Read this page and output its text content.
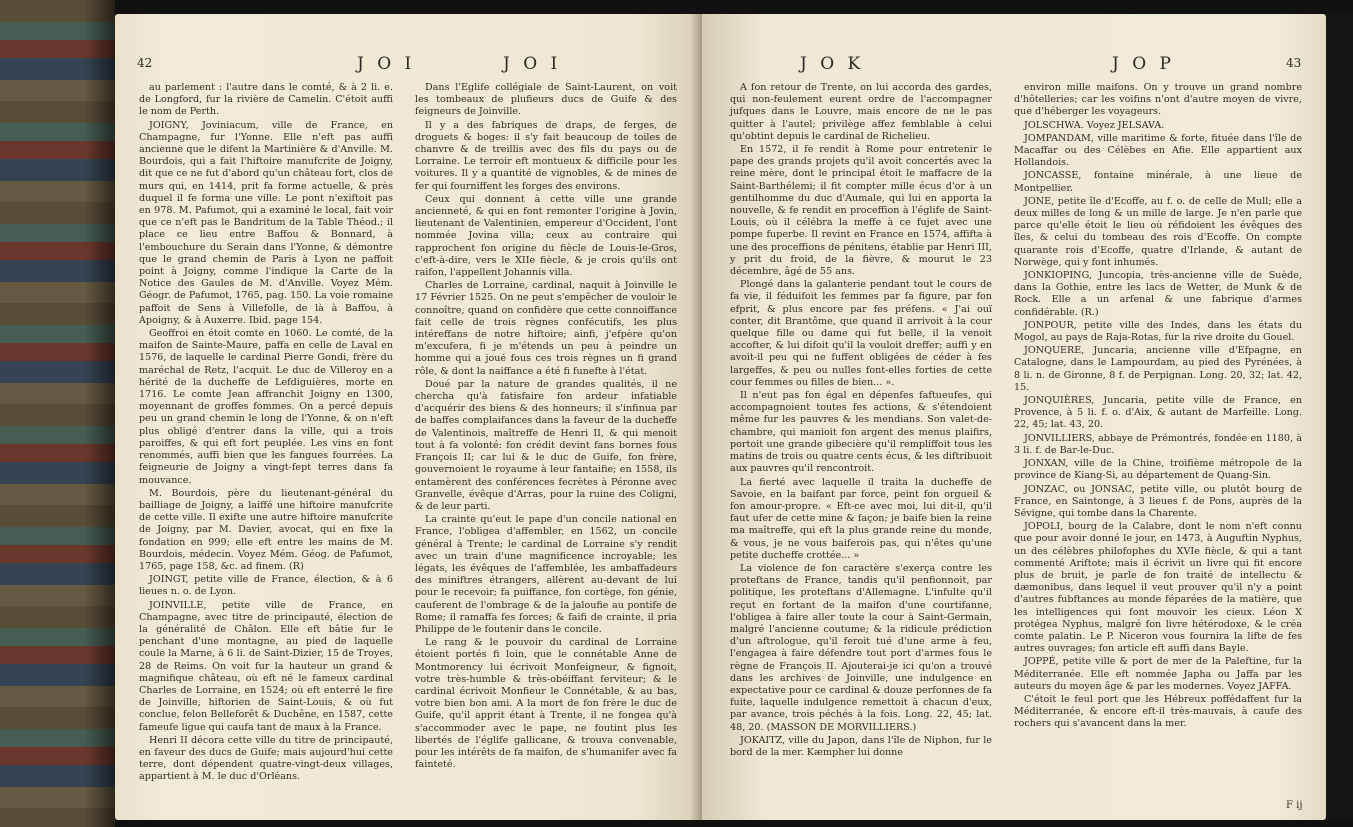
42	J O I	J O I

au parlement : l'autre dans le comté, & à 2 li. e. de Longford, fur la rivière de Camelin. C'étoit auffi le nom de Perth.

JOIGNY, Joviniacum, ville de France, en Champagne, fur l'Yonne. Elle n'eft pas auffi ancienne que le difent la Martinière & d'Anville. M. Bourdois, qui a fait l'hiftoire manufcrite de Joigny, dit que ce ne fut d'abord qu'un château fort, clos de murs qui, en 1414, prit fa forme actuelle, & près duquel il fe forma une ville. Le pont n'exiftoit pas en 978. M. Pafumot, qui a examiné le local, fait voir que ce n'eft pas le Bandritum de la Table Théod.; il place ce lieu entre Baffou & Bonnard, à l'embouchure du Serain dans l'Yonne, & démontre que le grand chemin de Paris à Lyon ne paffoit point à Joigny, comme l'indique la Carte de la Notice des Gaules de M. d'Anville. Voyez Mém. Géogr. de Pafumot, 1765, pag. 150. La voie romaine paffoit de Sens à Villefolle, de là à Baffou, à Apoigny, & à Auxerre. Ibid. page 154.

Geoffroi en étoit comte en 1060. Le comté, de la maifon de Sainte-Maure, paffa en celle de Laval en 1576, de laquelle le cardinal Pierre Gondi, frère du maréchal de Retz, l'acquit. Le duc de Villeroy en a hérité de la ducheffe de Lefdiguières, morte en 1716. Le comte Jean affranchit Joigny en 1300, moyennant de groffes fommes. On a percé depuis peu un grand chemin le long de l'Yonne, & on n'eft plus obligé d'entrer dans la ville, qui a trois paroiffes, & qui eft fort peuplée. Les vins en font renommés, auffi bien que les fangues fourrées. La feigneurie de Joigny a vingt-fept terres dans fa mouvance.

M. Bourdois, père du lieutenant-général du bailliage de Joigny, a laiffé une hiftoire manufcrite de cette ville. Il exifte une autre hiftoire manufcrite de Joigny, par M. Davier, avocat, qui en fixe la fondation en 999; elle eft entre les mains de M. Bourdois, médecin. Voyez Mém. Géog. de Pafumot, 1765, page 158, &c. ad finem. (R)

JOINGT, petite ville de France, élection, & à 6 lieues n. o. de Lyon.

JOINVILLE, petite ville de France, en Champagne, avec titre de principauté, élection de la généralité de Châlon. Elle eft bâtie fur le penchant d'une montagne, au pied de laquelle coule la Marne, à 6 li. de Saint-Dizier, 15 de Troyes, 28 de Reims. On voit fur la hauteur un grand & magnifique château, où eft né le fameux cardinal Charles de Lorraine, en 1524; où eft enterré le fire de Joinville, hiftorien de Saint-Louis, & où fut conclue, felon Belleforêt & Duchêne, en 1587, cette fameufe ligue qui caufa tant de maux à la France.

Henri II décora cette ville du titre de principauté, en faveur des ducs de Guife; mais aujourd'hui cette terre, dont dépendent quatre-vingt-deux villages, appartient à M. le duc d'Orléans.

Dans l'Eglife collégiale de Saint-Laurent, on voit les tombeaux de plufieurs ducs de Guife & des feigneurs de Joinville.

Il y a des fabriques de draps, de ferges, de droguets & boges: il s'y fait beaucoup de toiles de chanvre & de treillis avec des fils du pays ou de Lorraine. Le terroir eft montueux & difficile pour les voitures. Il y a quantité de vignobles, & de mines de fer qui fourniffent les forges des environs.

Ceux qui donnent à cette ville une grande ancienneté, & qui en font remonter l'origine à Jovin, lieutenant de Valentinien, empereur d'Occident, l'ont nommée Jovina villa; ceux au contraire qui rapprochent fon origine du fiècle de Louis-le-Gros, c'eft-à-dire, vers le XIIe fiècle, & je crois qu'ils ont raifon, l'appellent Johannis villa.

Charles de Lorraine, cardinal, naquit à Joinville le 17 Février 1525. On ne peut s'empêcher de vouloir le connoître, quand on confidère que cette connoiffance fait celle de trois règnes confécutifs, les plus intéreffans de notre hiftoire; ainfi, j'efpère qu'on m'excufera, fi je m'étends un peu à peindre un homme qui a joué fous ces trois règnes un fi grand rôle, & dont la naiffance a été fi funefte à l'état.

Doué par la nature de grandes qualités, il ne chercha qu'à fatisfaire fon ardeur infatiable d'acquérir des biens & des honneurs; il s'infinua par de baffes complaifances dans la faveur de la ducheffe de Valentinois, maîtreffe de Henri II, & qui menoit tout à fa volonté: fon crédit devint fans bornes fous François II; car lui & le duc de Guife, fon frère, gouvernoient le royaume à leur fantaifie; en 1558, ils entamèrent des conférences fecrètes à Péronne avec Granvelle, évêque d'Arras, pour la ruine des Coligni, & de leur parti.

La crainte qu'eut le pape d'un concile national en France, l'obligea d'affembler, en 1562, un concile général à Trente; le cardinal de Lorraine s'y rendit avec un train d'une magnificence incroyable; les légats, les évêques de l'affemblée, les ambaffadeurs des miniftres étrangers, allèrent au-devant de lui pour le recevoir; fa puiffance, fon cortège, fon génie, cauferent de l'ombrage & de la jaloufie au pontife de Rome; il ramaffa fes forces; & faifi de crainte, il pria Philippe de le foutenir dans le concile.

Le rang & le pouvoir du cardinal de Lorraine étoient portés fi loin, que le connétable Anne de Montmorency lui écrivoit Monfeigneur, & fignoit, votre très-humble & très-obéiffant ferviteur; & le cardinal écrivoit Monfieur le Connétable, & au bas, votre bien bon ami. A la mort de fon frère le duc de Guife, qu'il apprit étant à Trente, il ne fongea qu'à s'accommoder avec le pape, ne foutint plus les libertés de l'églife gallicane, & trouva convenable, pour les intérêts de fa maifon, de s'humanifer avec fa fainteté.

J O K	J O P	43

A fon retour de Trente, on lui accorda des gardes, qui non-feulement eurent ordre de l'accompagner jufques dans le Louvre, mais encore de ne le pas quitter à l'autel; privilège affez femblable à celui qu'obtint depuis le cardinal de Richelieu.

En 1572, il fe rendit à Rome pour entretenir le pape des grands projets qu'il avoit concertés avec la reine mère, dont le principal étoit le maffacre de la Saint-Barthélemi; il fit compter mille écus d'or à un gentilhomme du duc d'Aumale, qui lui en apporta la nouvelle, & fe rendit en proceffion à l'églife de Saint-Louis, où il célébra la meffe à ce fujet avec une pompe fuperbe. Il revint en France en 1574, affifta à une des proceffions de pénitens, établie par Henri III, y prit du froid, de la fièvre, & mourut le 23 décembre, âgé de 55 ans.

Plongé dans la galanterie pendant tout le cours de fa vie, il féduifoit les femmes par fa figure, par fon efprit, & plus encore par fes préfens. « J'ai ouï conter, dit Brantôme, que quand il arrivoit à la cour quelque fille ou dame qui fut belle, il la venoit accofter, & lui difoit qu'il la vouloit dreffer; auffi y en avoit-il peu qui ne fuffent obligées de céder à fes largeffes, & peu ou nulles font-elles forties de cette cour femmes ou filles de bien... ».

Il n'eut pas fon égal en dépenfes faftueufes, qui accompagnoient toutes fes actions, & s'étendoient même fur les pauvres & les mendians. Son valet-de-chambre, qui manioit fon argent des menus plaifirs, portoit une grande gibecière qu'il rempliffoit tous les matins de trois ou quatre cents écus, & les diftribuoit aux pauvres qu'il rencontroit.

La fierté avec laquelle il traita la ducheffe de Savoie, en la baifant par force, peint fon orgueil & fon amour-propre. « Eft-ce avec moi, lui dit-il, qu'il faut ufer de cette mine & façon; je baife bien la reine ma maîtreffe, qui eft la plus grande reine du monde, & vous, je ne vous baiferois pas, qui n'êtes qu'une petite ducheffe crottée... »

La violence de fon caractère s'exerça contre les proteftans de France, tandis qu'il penfionnoit, par politique, les proteftans d'Allemagne. L'infulte qu'il reçut en fortant de la maifon d'une courtifanne, l'obligea à faire aller toute la cour à Saint-Germain, malgré l'ancienne coutume; & la ridicule prédiction d'un aftrologue, qu'il feroit tué d'une arme à feu, l'engagea à faire défendre tout port d'armes fous le règne de François II. Ajouterai-je ici qu'on a trouvé dans les archives de Joinville, une indulgence en expectative pour ce cardinal & douze perfonnes de fa fuite, laquelle indulgence remettoit à chacun d'eux, par avance, trois péchés à la fois. Long. 22, 45; lat. 48, 20. (MASSON DE MORVILLIERS.)

JOKAITZ, ville du Japon, dans l'île de Niphon, fur le bord de la mer. Kæmpher lui donne

environ mille maifons. On y trouve un grand nombre d'hôtelleries; car les voifins n'ont d'autre moyen de vivre, que d'héberger les voyageurs.

JOLSCHWA. Voyez JELSAVA.

JOMPANDAM, ville maritime & forte, fituée dans l'île de Macaffar ou des Célèbes en Afie. Elle appartient aux Hollandois.

JONCASSE, fontaine minérale, à une lieue de Montpellier.

JONE, petite île d'Ecoffe, au f. o. de celle de Mull; elle a deux milles de long & un mille de large. Je n'en parle que parce qu'elle étoit le lieu où réfidoient les évêques des îles, & celui du tombeau des rois d'Ecoffe. On compte quarante rois d'Ecoffe, quatre d'Irlande, & autant de Norwège, qui y font inhumés.

JONKIOPING, Juncopia, très-ancienne ville de Suède, dans la Gothie, entre les lacs de Wetter, de Munk & de Rock. Elle a un arfenal & une fabrique d'armes confidérable. (R.)

JONPOUR, petite ville des Indes, dans les états du Mogol, au pays de Raja-Rotas, fur la rive droite du Gouel.

JONQUERE, Juncaria, ancienne ville d'Efpagne, en Catalogne, dans le Lampourdam, au pied des Pyrénées, à 8 li. n. de Gironne, 8 f. de Perpignan. Long. 20, 32; lat. 42, 15.

JONQUIÈRES, Juncaria, petite ville de France, en Provence, à 5 li. f. o. d'Aix, & autant de Marfeille. Long. 22, 45; lat. 43, 20.

JONVILLIERS, abbaye de Prémontrés, fondée en 1180, à 3 li. f. de Bar-le-Duc.

JONXAN, ville de la Chine, troifième métropole de la province de Kiang-Si, au département de Quang-Sin.

JONZAC, ou JONSAC, petite ville, ou plutôt bourg de France, en Saintonge, à 3 lieues f. de Pons, auprès de la Sévigne, qui tombe dans la Charente.

JOPOLI, bourg de la Calabre, dont le nom n'eft connu que pour avoir donné le jour, en 1473, à Auguftin Nyphus, un des célèbres philofophes du XVIe fiècle, & qui a tant commenté Ariftote; mais il écrivit un livre qui fit encore plus de bruit, je parle de fon traité de intellectu & dæmonibus, dans lequel il veut prouver qu'il n'y a point d'autres fubftances au monde féparées de la matière, que les intelligences qui font mouvoir les cieux. Léon X protégea Nyphus, malgré fon livre hétérodoxe, & le créa comte palatin. Le P. Niceron vous fournira la lifte de fes autres ouvrages; fon article eft auffi dans Bayle.

JOPPÉ, petite ville & port de mer de la Paleftine, fur la Méditerranée. Elle eft nommée Japha ou Jaffa par les auteurs du moyen âge & par les modernes. Voyez JAFFA.

C'étoit le feul port que les Hébreux poffédaffent fur la Méditerranée, & encore eft-il très-mauvais, à caufe des rochers qui s'avancent dans la mer.

F ij
